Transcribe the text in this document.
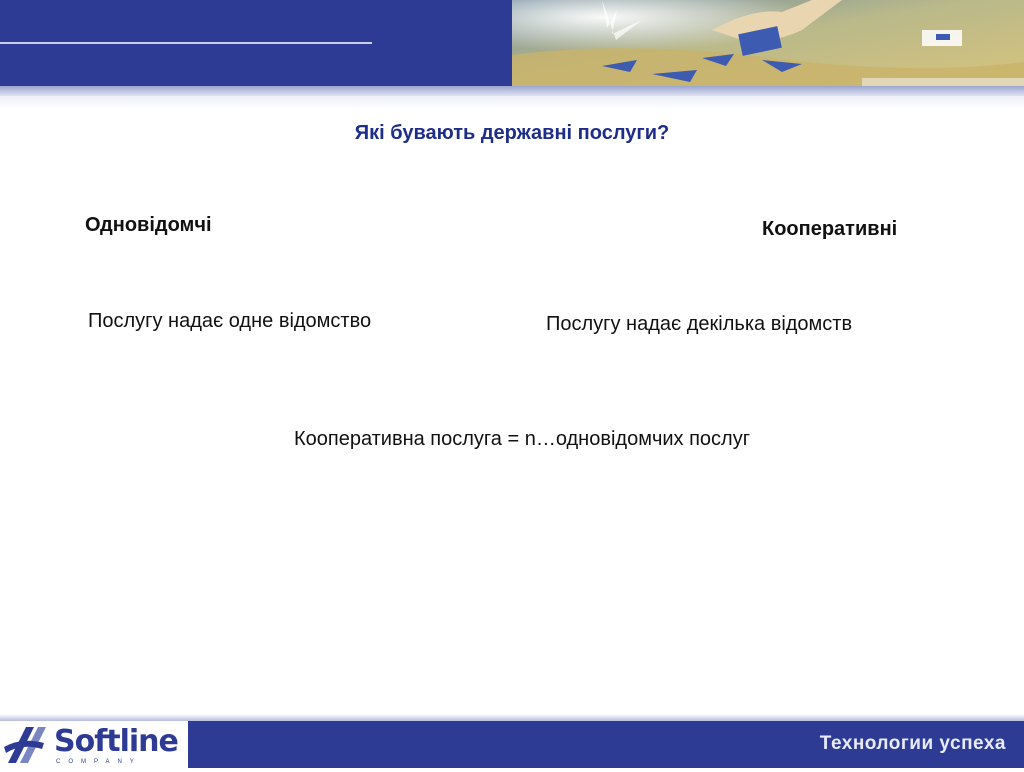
Які бувають державні послуги?
Одновідомчі	Кооперативні
Послугу надає одне відомство	Послугу надає декілька відомств
Кооперативна послуга = n…одновідомчих послуг
Softline
COMPANY
Технологии успеха
